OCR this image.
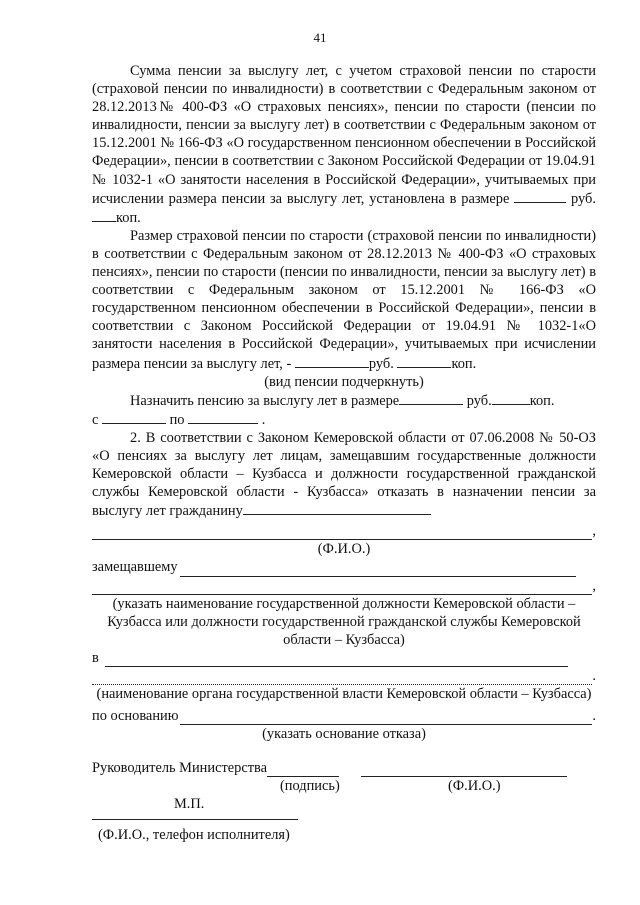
41

Сумма пенсии за выслугу лет, с учетом страховой пенсии по старости (страховой пенсии по инвалидности) в соответствии с Федеральным законом от 28.12.2013№ 400-ФЗ «О страховых пенсиях», пенсии по старости (пенсии по инвалидности, пенсии за выслугу лет) в соответствии с Федеральным законом от 15.12.2001 № 166-ФЗ «О государственном пенсионном обеспечении в Российской Федерации», пенсии в соответствии с Законом Российской Федерации от 19.04.91 № 1032-1 «О занятости населения в Российской Федерации», учитываемых при исчислении размера пенсии за выслугу лет, установлена в размере	руб.коп.

Размер страховой пенсии по старости (страховой пенсии по инвалидности) в соответствии с Федеральным законом от 28.12.2013 № 400-ФЗ «О страховых пенсиях», пенсии по старости (пенсии по инвалидности, пенсии за выслугу лет) в соответствии с Федеральным законом от 15.12.2001 № 166-ФЗ «О государственном пенсионном обеспечении в Российской Федерации», пенсии в соответствии с Законом Российской Федерации от 19.04.91 № 1032-1«О занятости населения в Российской Федерации», учитываемых при исчислении размера пенсии за выслугу лет, -	руб.	коп.

(вид пенсии подчеркнуть)

Назначить пенсию за выслугу лет в размере	руб.	коп.

с	по	.

2. В соответствии с Законом Кемеровской области от 07.06.2008 № 50-ОЗ «О пенсиях за выслугу лет лицам, замещавшим государственные должности Кемеровской области – Кузбасса и должности государственной гражданской службы Кемеровской области - Кузбасса» отказать в назначении пенсии за выслугу лет гражданину

,

(Ф.И.О.)

замещавшему
,

(указать наименование государственной должности Кемеровской области – Кузбасса или должности государственной гражданской службы Кемеровской области – Кузбасса)

в
.

(наименование органа государственной власти Кемеровской области – Кузбасса)

по основанию	.

(указать основание отказа)

Руководитель Министерства
(подпись)	(Ф.И.О.)
М.П.
(Ф.И.О., телефон исполнителя)
